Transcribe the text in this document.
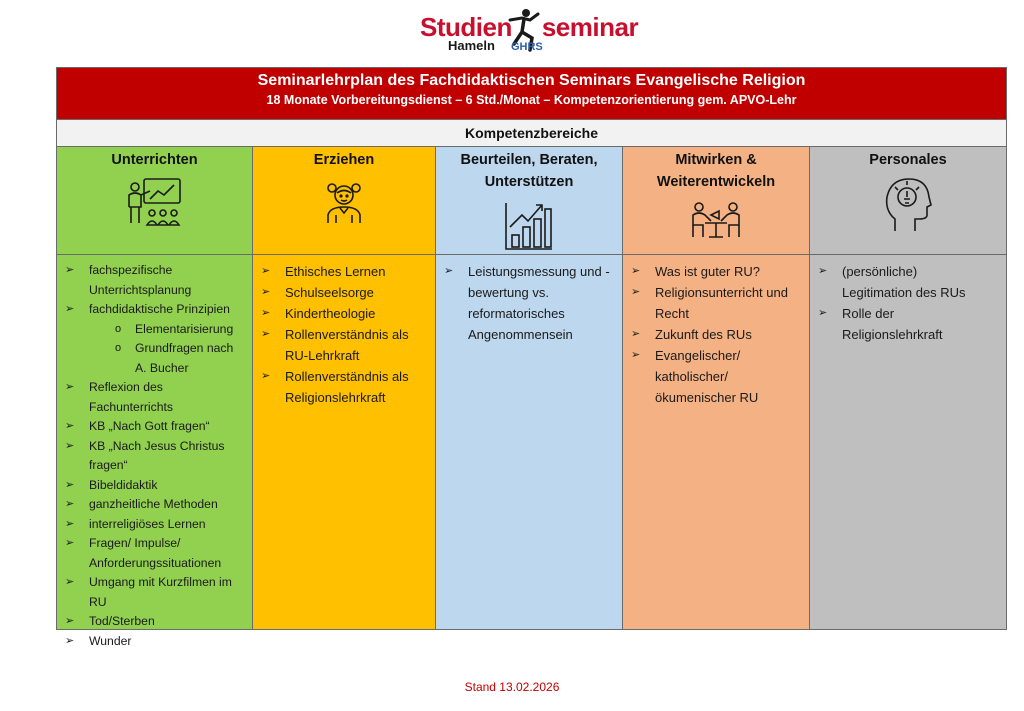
Studien seminar
Hameln GHRS
Seminarlehrplan des Fachdidaktischen Seminars Evangelische Religion
18 Monate Vorbereitungsdienst – 6 Std./Monat – Kompetenzorientierung gem. APVO-Lehr
Kompetenzbereiche
Unterrichten
➢ fachspezifische
Unterrichtsplanung
➢ fachdidaktische Prinzipien
o Elementarisierung
o Grundfragen nach
A. Bucher
➢ Reflexion des
Fachunterrichts
➢ KB „Nach Gott fragen“
➢ KB „Nach Jesus Christus
fragen“
➢ Bibeldidaktik
➢ ganzheitliche Methoden
➢ interreligiöses Lernen
➢ Fragen/ Impulse/
Anforderungssituationen
➢ Umgang mit Kurzfilmen im
RU
➢ Tod/Sterben
➢ Wunder
Erziehen
➢ Ethisches Lernen
➢ Schulseelsorge
➢ Kindertheologie
➢ Rollenverständnis als
RU-Lehrkraft
➢ Rollenverständnis als
Religionslehrkraft
Beurteilen, Beraten,
Unterstützen
➢ Leistungsmessung und -
bewertung vs.
reformatorisches
Angenommensein
Mitwirken &
Weiterentwickeln
➢ Was ist guter RU?
➢ Religionsunterricht und
Recht
➢ Zukunft des RUs
➢ Evangelischer/
katholischer/
ökumenischer RU
Personales
➢ (persönliche)
Legitimation des RUs
➢ Rolle der
Religionslehrkraft
Stand 13.02.2026
